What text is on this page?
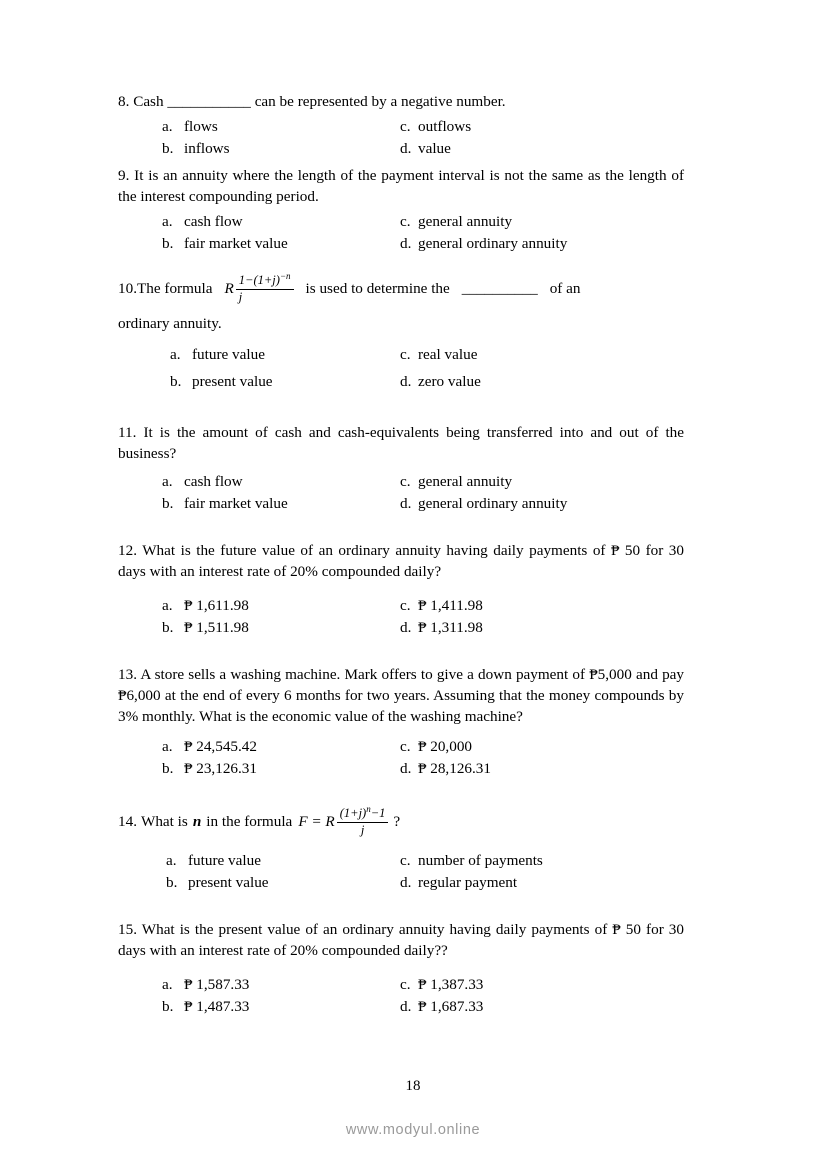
8. Cash ___________ can be represented by a negative number.

a. flows
b. inflows
c. outflows
d. value

9. It is an annuity where the length of the payment interval is not the same as the length of the interest compounding period.

a. cash flow
b. fair market value
c. general annuity
d. general ordinary annuity
10. The formula R $\frac{1-(1+j)^{-n}}{j}$ is used to determine the __________ of an
ordinary annuity.
a. future value
b. present value
c. real value
d. zero value

11. It is the amount of cash and cash-equivalents being transferred into and out of the business?

a. cash flow
b. fair market value
c. general annuity
d. general ordinary annuity

12. What is the future value of an ordinary annuity having daily payments of ₱ 50 for 30 days with an interest rate of 20% compounded daily?

a. ₱ 1,611.98
b. ₱ 1,511.98
c. ₱ 1,411.98
d. ₱ 1,311.98

13. A store sells a washing machine. Mark offers to give a down payment of ₱5,000 and pay ₱6,000 at the end of every 6 months for two years. Assuming that the money compounds by 3% monthly. What is the economic value of the washing machine?

a. ₱ 24,545.42
b. ₱ 23,126.31
c. ₱ 20,000
d. ₱ 28,126.31
14. What is n in the formula F = R $\frac{(1+j)^n-1}{j}$ ?
a. future value
b. present value
c. number of payments
d. regular payment

15. What is the present value of an ordinary annuity having daily payments of ₱ 50 for 30 days with an interest rate of 20% compounded daily??

a. ₱ 1,587.33
b. ₱ 1,487.33
c. ₱ 1,387.33
d. ₱ 1,687.33
18
www.modyul.online
